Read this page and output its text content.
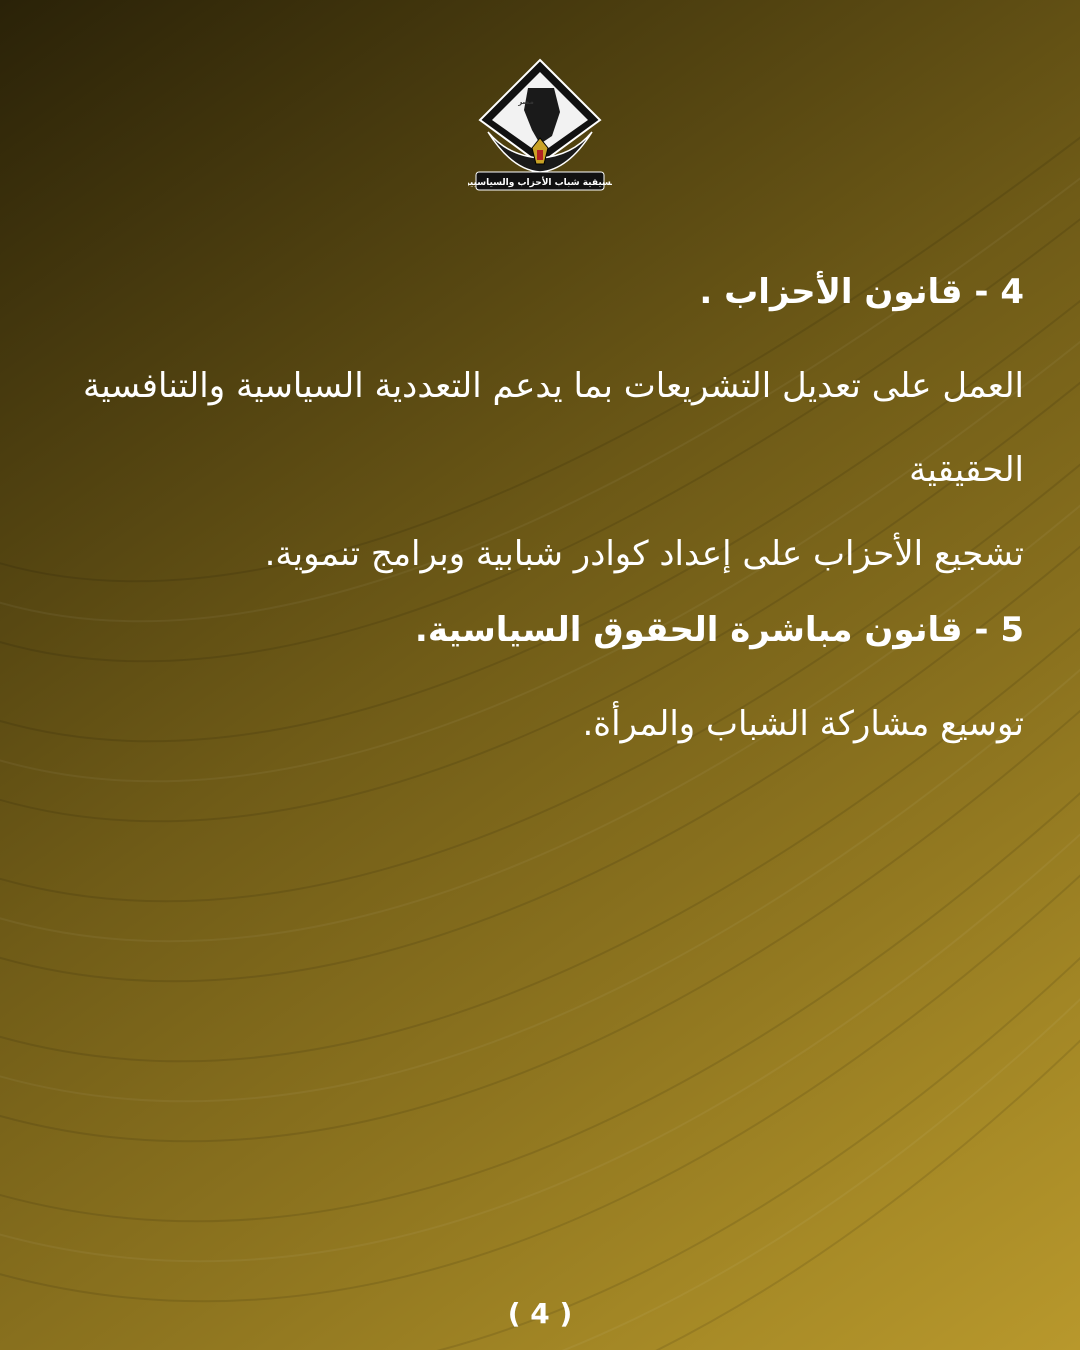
تنسيقية شباب الأحزاب والسياسيين
مصر
4 - قانون الأحزاب .

العمل على تعديل التشريعات بما يدعم التعددية السياسية والتنافسية الحقيقية

تشجيع الأحزاب على إعداد كوادر شبابية وبرامج تنموية.

5 - قانون مباشرة الحقوق السياسية.

توسيع مشاركة الشباب والمرأة.

( 4 )
